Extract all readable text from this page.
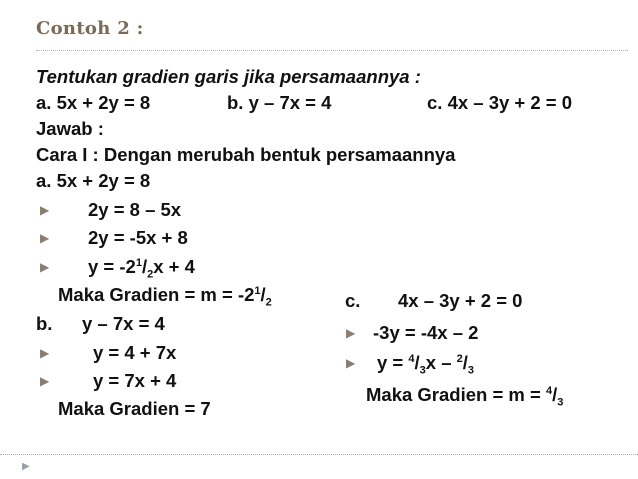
Contoh 2 :
Tentukan gradien garis jika persamaannya :
a. 5x + 2y = 8	b. y – 7x = 4	c. 4x – 3y + 2 = 0
Jawab :
Cara I : Dengan merubah bentuk persamaannya
a. 5x + 2y = 8
▶ 2y = 8 – 5x
▶ 2y = -5x + 8
▶ $y = -2^1/_2x + 4$
Maka Gradien = $m = -2^1/_2$
b. y – 7x = 4
▶ y = 4 + 7x
▶ y = 7x + 4
Maka Gradien = 7
c. 4x – 3y + 2 = 0
▶ -3y = -4x – 2
▶ $y = ^4/_3x - ^2/_3$
Maka Gradien = $m = ^4/_3$
▶
